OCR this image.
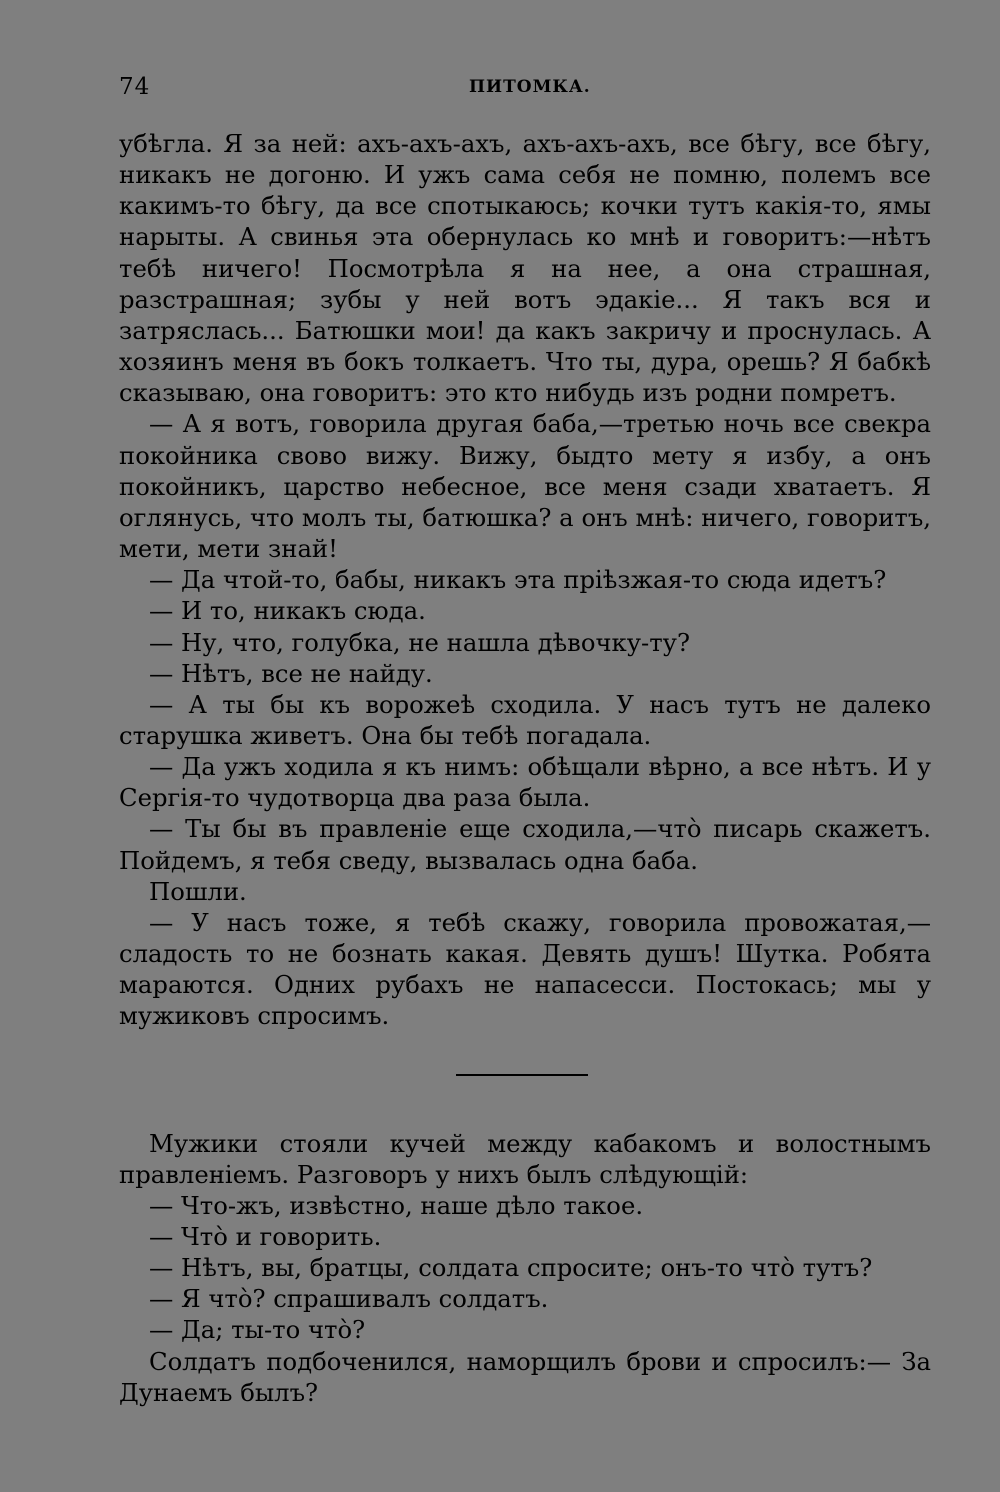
74	ПИТОМКА.

убѣгла. Я за ней: ахъ-ахъ-ахъ, ахъ-ахъ-ахъ, все бѣгу, все бѣгу, никакъ не догоню. И ужъ сама себя не помню, полемъ все какимъ-то бѣгу, да все спотыкаюсь; кочки тутъ какія-то, ямы нарыты. А свинья эта обернулась ко мнѣ и говоритъ:—нѣтъ тебѣ ничего! Посмотрѣла я на нее, а она страшная, разстрашная; зубы у ней вотъ эдакіе... Я такъ вся и затряслась... Батюшки мои! да какъ закричу и проснулась. А хозяинъ меня въ бокъ толкаетъ. Что ты, дура, орешь? Я бабкѣ сказываю, она говоритъ: это кто нибудь изъ родни помретъ.

— А я вотъ, говорила другая баба,—третью ночь все свекра покойника свово вижу. Вижу, быдто мету я избу, а онъ покойникъ, царство небесное, все меня сзади хватаетъ. Я оглянусь, что молъ ты, батюшка? а онъ мнѣ: ничего, говоритъ, мети, мети знай!

— Да чтой-то, бабы, никакъ эта пріѣзжая-то сюда идетъ?

— И то, никакъ сюда.

— Ну, что, голубка, не нашла дѣвочку-ту?

— Нѣтъ, все не найду.

— А ты бы къ ворожеѣ сходила. У насъ тутъ не далеко старушка живетъ. Она бы тебѣ погадала.

— Да ужъ ходила я къ нимъ: обѣщали вѣрно, а все нѣтъ. И у Сергія-то чудотворца два раза была.

— Ты бы въ правленіе еще сходила,—что̀ писарь скажетъ. Пойдемъ, я тебя сведу, вызвалась одна баба.

Пошли.

— У насъ тоже, я тебѣ скажу, говорила провожатая,—сладость то не бознать какая. Девять душъ! Шутка. Робята мараются. Одних рубахъ не напасесси. Постокась; мы у мужиковъ спросимъ.

Мужики стояли кучей между кабакомъ и волостнымъ правленіемъ. Разговоръ у нихъ былъ слѣдующій:

— Что-жъ, извѣстно, наше дѣло такое.

— Что̀ и говорить.

— Нѣтъ, вы, братцы, солдата спросите; онъ-то что̀ тутъ?

— Я что̀? спрашивалъ солдатъ.

— Да; ты-то что̀?

Солдатъ подбоченился, наморщилъ брови и спросилъ:— За Дунаемъ былъ?
